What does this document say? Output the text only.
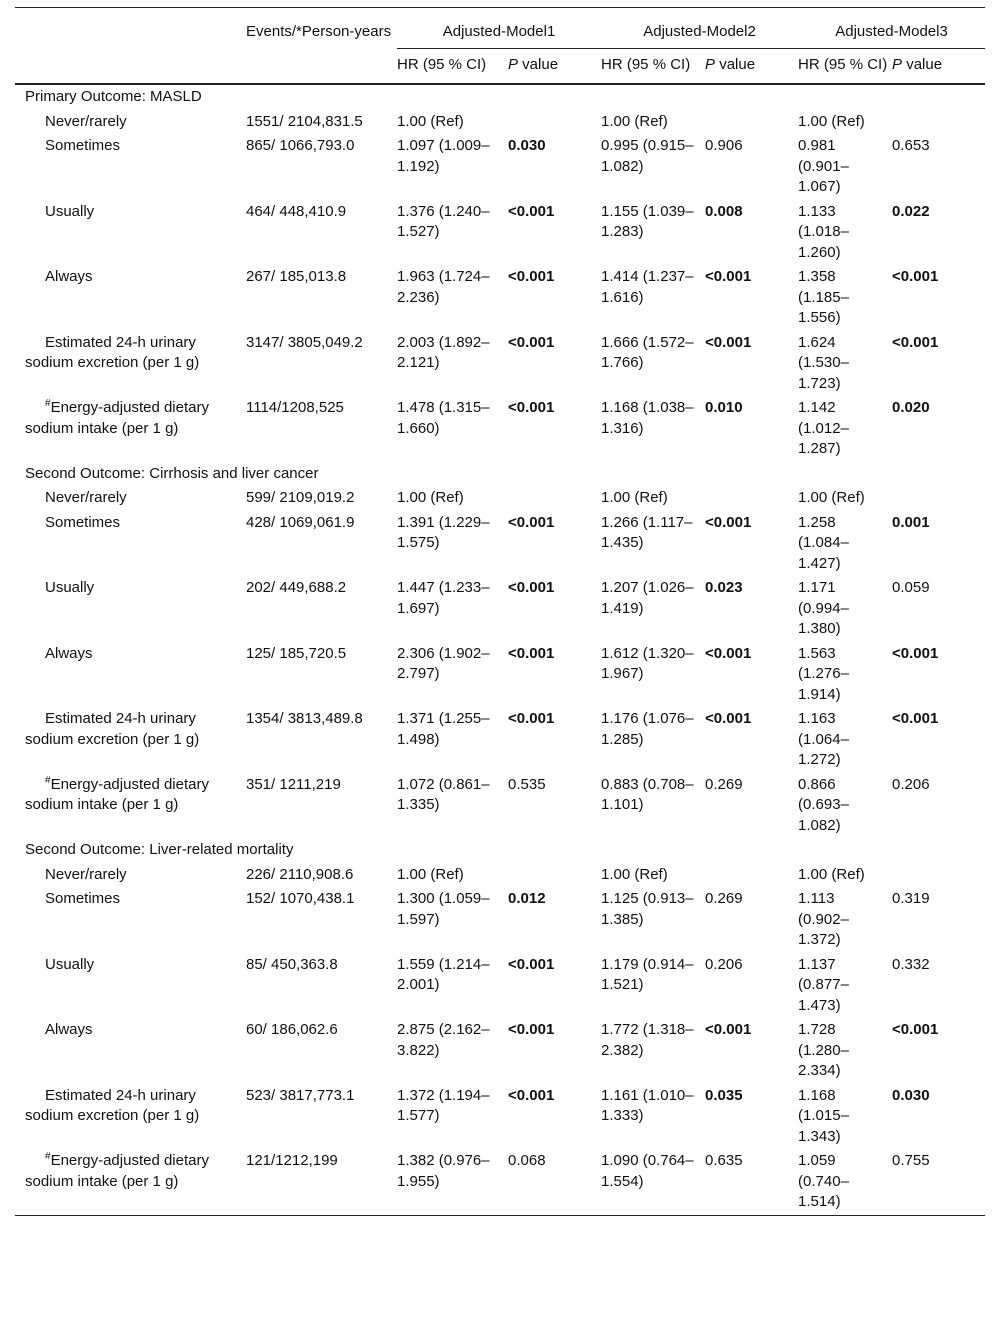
	Events/*Person-years	Adjusted-Model1		Adjusted-Model2		Adjusted-Model3	
		HR (95 % CI)	P value	HR (95 % CI)	P value	HR (95 % CI)	P value
Primary Outcome: MASLD							
Never/rarely	1551/ 2104,831.5	1.00 (Ref)		1.00 (Ref)		1.00 (Ref)	
Sometimes	865/ 1066,793.0	1.097 (1.009–1.192)	0.030	0.995 (0.915–1.082)	0.906	0.981 (0.901–1.067)	0.653
Usually	464/ 448,410.9	1.376 (1.240–1.527)	<0.001	1.155 (1.039–1.283)	0.008	1.133 (1.018–1.260)	0.022
Always	267/ 185,013.8	1.963 (1.724–2.236)	<0.001	1.414 (1.237–1.616)	<0.001	1.358 (1.185–1.556)	<0.001
Estimated 24-h urinary sodium excretion (per 1 g)	3147/ 3805,049.2	2.003 (1.892–2.121)	<0.001	1.666 (1.572–1.766)	<0.001	1.624 (1.530–1.723)	<0.001
#Energy-adjusted dietary sodium intake (per 1 g)	1114/1208,525	1.478 (1.315–1.660)	<0.001	1.168 (1.038–1.316)	0.010	1.142 (1.012–1.287)	0.020
Second Outcome: Cirrhosis and liver cancer							
Never/rarely	599/ 2109,019.2	1.00 (Ref)		1.00 (Ref)		1.00 (Ref)	
Sometimes	428/ 1069,061.9	1.391 (1.229–1.575)	<0.001	1.266 (1.117–1.435)	<0.001	1.258 (1.084–1.427)	0.001
Usually	202/ 449,688.2	1.447 (1.233–1.697)	<0.001	1.207 (1.026–1.419)	0.023	1.171 (0.994–1.380)	0.059
Always	125/ 185,720.5	2.306 (1.902–2.797)	<0.001	1.612 (1.320–1.967)	<0.001	1.563 (1.276–1.914)	<0.001
Estimated 24-h urinary sodium excretion (per 1 g)	1354/ 3813,489.8	1.371 (1.255–1.498)	<0.001	1.176 (1.076–1.285)	<0.001	1.163 (1.064–1.272)	<0.001
#Energy-adjusted dietary sodium intake (per 1 g)	351/ 1211,219	1.072 (0.861–1.335)	0.535	0.883 (0.708–1.101)	0.269	0.866 (0.693–1.082)	0.206
Second Outcome: Liver-related mortality							
Never/rarely	226/ 2110,908.6	1.00 (Ref)		1.00 (Ref)		1.00 (Ref)	
Sometimes	152/ 1070,438.1	1.300 (1.059–1.597)	0.012	1.125 (0.913–1.385)	0.269	1.113 (0.902–1.372)	0.319
Usually	85/ 450,363.8	1.559 (1.214–2.001)	<0.001	1.179 (0.914–1.521)	0.206	1.137 (0.877–1.473)	0.332
Always	60/ 186,062.6	2.875 (2.162–3.822)	<0.001	1.772 (1.318–2.382)	<0.001	1.728 (1.280–2.334)	<0.001
Estimated 24-h urinary sodium excretion (per 1 g)	523/ 3817,773.1	1.372 (1.194–1.577)	<0.001	1.161 (1.010–1.333)	0.035	1.168 (1.015–1.343)	0.030
#Energy-adjusted dietary sodium intake (per 1 g)	121/1212,199	1.382 (0.976–1.955)	0.068	1.090 (0.764–1.554)	0.635	1.059 (0.740–1.514)	0.755
